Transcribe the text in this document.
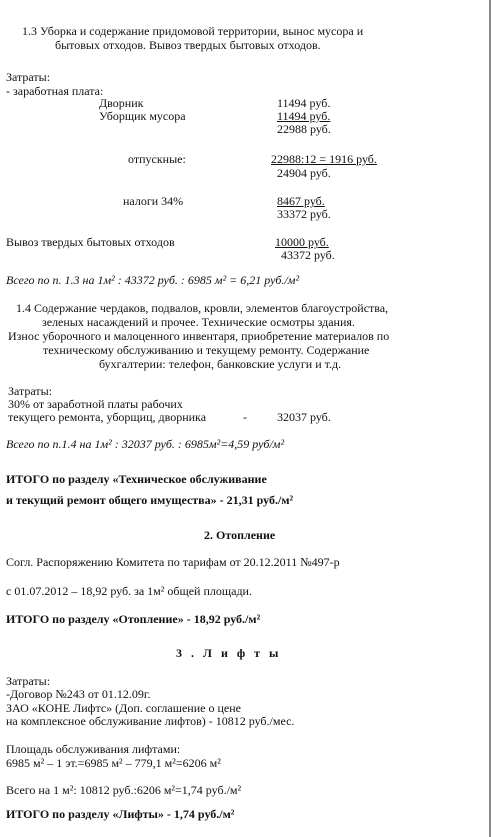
1.3 Уборка и содержание придомовой территории, вынос мусора и
бытовых отходов. Вывоз твердых бытовых отходов.
Затраты:
- заработная плата:
Дворник	11494 руб.
Уборщик мусора	11494 руб.
22988 руб.
отпускные:	22988:12 = 1916 руб.
24904 руб.
налоги 34%	8467 руб.
33372 руб.
Вывоз твердых бытовых отходов	10000 руб.
43372 руб.
Всего по п. 1.3 на 1м² : 43372 руб. : 6985 м² = 6,21 руб./м²
1.4 Содержание чердаков, подвалов, кровли, элементов благоустройства,
зеленых насаждений и прочее. Технические осмотры здания.
Износ уборочного и малоценного инвентаря, приобретение материалов по
техническому обслуживанию и текущему ремонту. Содержание
бухгалтерии: телефон, банковские услуги и т.д.
Затраты:
30% от заработной платы рабочих
текущего ремонта, уборщиц, дворника	-	32037 руб.
Всего по п.1.4 на 1м² : 32037 руб. : 6985м²=4,59 руб/м²
ИТОГО по разделу «Техническое обслуживание
и текущий ремонт общего имущества» - 21,31 руб./м²
2. Отопление
Согл. Распоряжению Комитета по тарифам от 20.12.2011 №497-р
с 01.07.2012 – 18,92 руб. за 1м² общей площади.
ИТОГО по разделу «Отопление» - 18,92 руб./м²
3 . Л и ф т ы
Затраты:
-Договор №243 от 01.12.09г.
ЗАО «КОНЕ Лифтс» (Доп. соглашение о цене
на комплексное обслуживание лифтов) - 10812 руб./мес.
Площадь обслуживания лифтами:
6985 м² – 1 эт.=6985 м² – 779,1 м²=6206 м²
Всего на 1 м²: 10812 руб.:6206 м²=1,74 руб./м²
ИТОГО по разделу «Лифты» - 1,74 руб./м²
